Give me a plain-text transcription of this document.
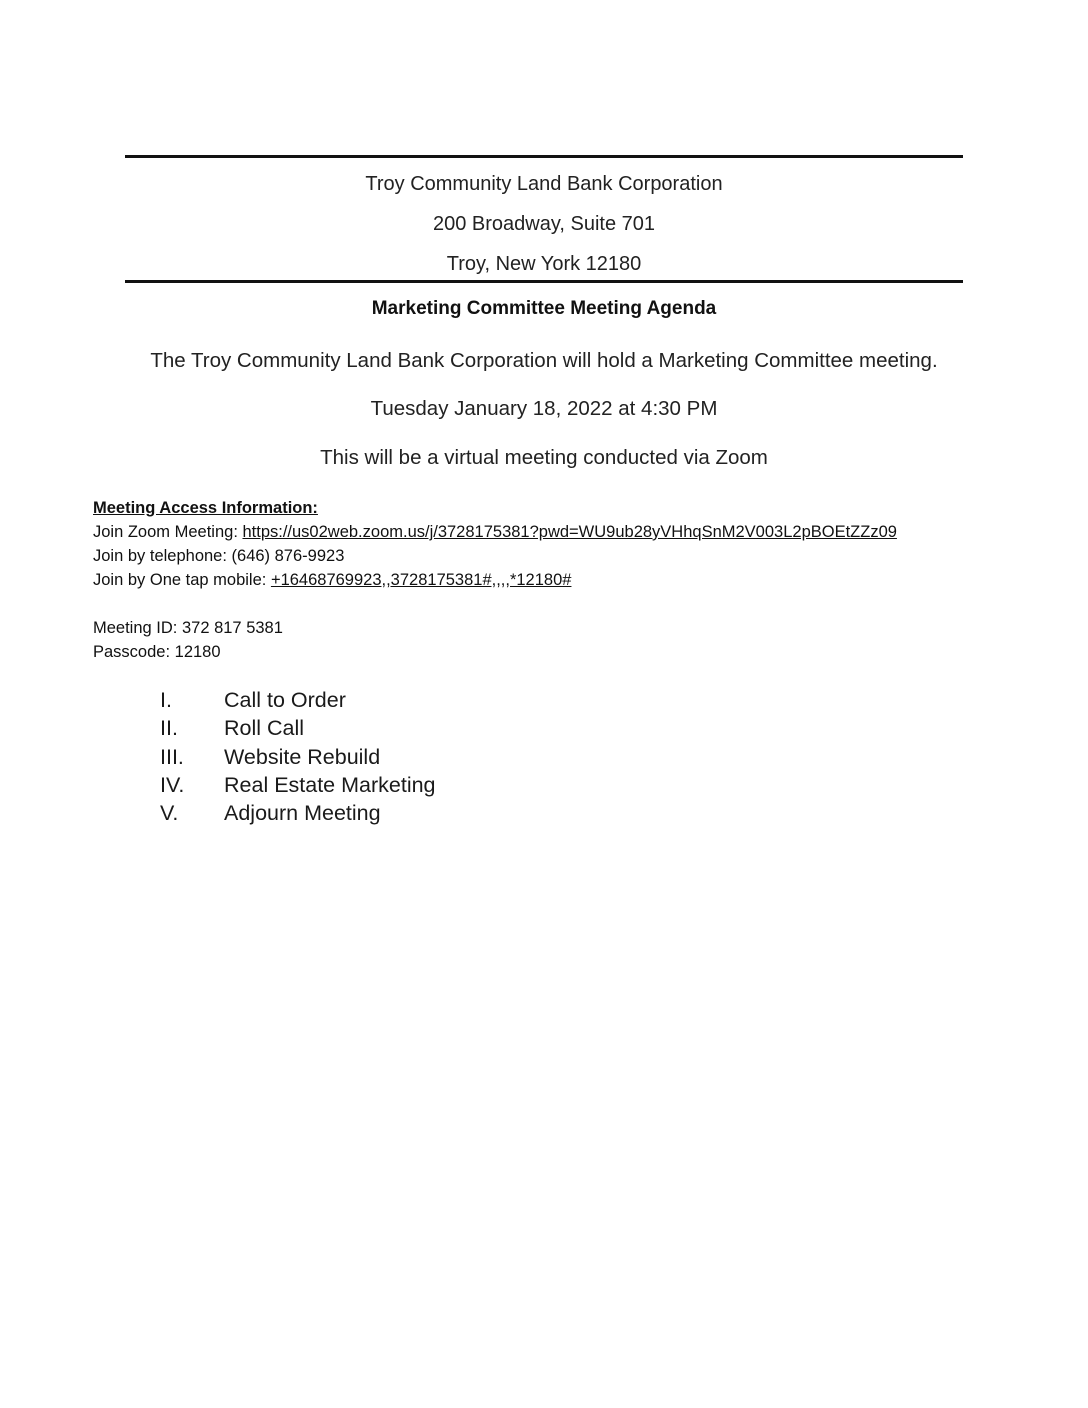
Troy Community Land Bank Corporation
200 Broadway, Suite 701
Troy, New York 12180
Marketing Committee Meeting Agenda
The Troy Community Land Bank Corporation will hold a Marketing Committee meeting.
Tuesday January 18, 2022 at 4:30 PM
This will be a virtual meeting conducted via Zoom
Meeting Access Information:
Join Zoom Meeting: https://us02web.zoom.us/j/3728175381?pwd=WU9ub28yVHhqSnM2V003L2pBOEtZZz09
Join by telephone: (646) 876-9923
Join by One tap mobile: +16468769923,,3728175381#,,,,*12180#
Meeting ID: 372 817 5381
Passcode: 12180
I. Call to Order
II. Roll Call
III. Website Rebuild
IV. Real Estate Marketing
V. Adjourn Meeting
